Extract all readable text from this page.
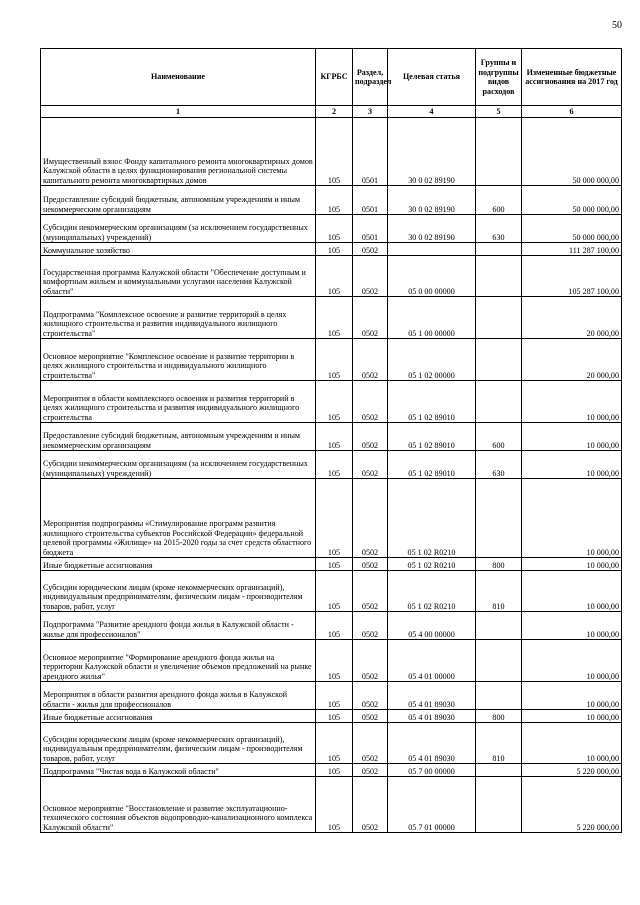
50
Наименование	КГРБС	Раздел, подраздел	Целевая статья	Группы и подгруппы видов расходов	Измененные бюджетные ассигнования на 2017 год
1	2	3	4	5	6
Имущественный взнос Фонду капитального ремонта многоквартирных домов Калужской области в целях функционирования региональной системы капитального ремонта многоквартирных домов	105	0501	30 0 02 89190		50 000 000,00
Предоставление субсидий бюджетным, автономным учреждениям и иным некоммерческим организациям	105	0501	30 0 02 89190	600	50 000 000,00
Субсидии некоммерческим организациям (за исключением государственных (муниципальных) учреждений)	105	0501	30 0 02 89190	630	50 000 000,00
Коммунальное хозяйство	105	0502			111 287 100,00
Государственная программа Калужской области "Обеспечение доступным и комфортным жильем и коммунальными услугами населения Калужской области"	105	0502	05 0 00 00000		105 287 100,00
Подпрограмма "Комплексное освоение и развитие территорий в целях жилищного строительства и развития индивидуального жилищного строительства"	105	0502	05 1 00 00000		20 000,00
Основное мероприятие "Комплексное освоение и развитие территории в целях жилищного строительства и индивидуального жилищного строительства"	105	0502	05 1 02 00000		20 000,00
Мероприятия в области комплексного освоения и развития территорий в целях жилищного строительства и развития индивидуального жилищного строительства	105	0502	05 1 02 89010		10 000,00
Предоставление субсидий бюджетным, автономным учреждениям и иным некоммерческим организациям	105	0502	05 1 02 89010	600	10 000,00
Субсидии некоммерческим организациям (за исключением государственных (муниципальных) учреждений)	105	0502	05 1 02 89010	630	10 000,00
Мероприятия подпрограммы «Стимулирование программ развития жилищного строительства субъектов Российской Федерации» федеральной целевой программы «Жилище» на 2015-2020 годы за счет средств областного бюджета	105	0502	05 1 02 R0210		10 000,00
Иные бюджетные ассигнования	105	0502	05 1 02 R0210	800	10 000,00
Субсидии юридическим лицам (кроме некоммерческих организаций), индивидуальным предпринимателям, физическим лицам - производителям товаров, работ, услуг	105	0502	05 1 02 R0210	810	10 000,00
Подпрограмма "Развитие арендного фонда жилья в Калужской области - жилье для профессионалов"	105	0502	05 4 00 00000		10 000,00
Основное мероприятие "Формирование арендного фонда жилья на территории Калужской области и увеличение объемов предложений на рынке арендного жилья"	105	0502	05 4 01 00000		10 000,00
Мероприятия в области развития арендного фонда жилья в Калужской области - жилья для профессионалов	105	0502	05 4 01 89030		10 000,00
Иные бюджетные ассигнования	105	0502	05 4 01 89030	800	10 000,00
Субсидии юридическим лицам (кроме некоммерческих организаций), индивидуальным предпринимателям, физическим лицам - производителям товаров, работ, услуг	105	0502	05 4 01 89030	810	10 000,00
Подпрограмма "Чистая вода в Калужской области"	105	0502	05 7 00 00000		5 220 000,00
Основное мероприятие "Восстановление и развитие эксплуатационно-технического состояния объектов водопроводно-канализационного комплекса Калужской области"	105	0502	05 7 01 00000		5 220 000,00
